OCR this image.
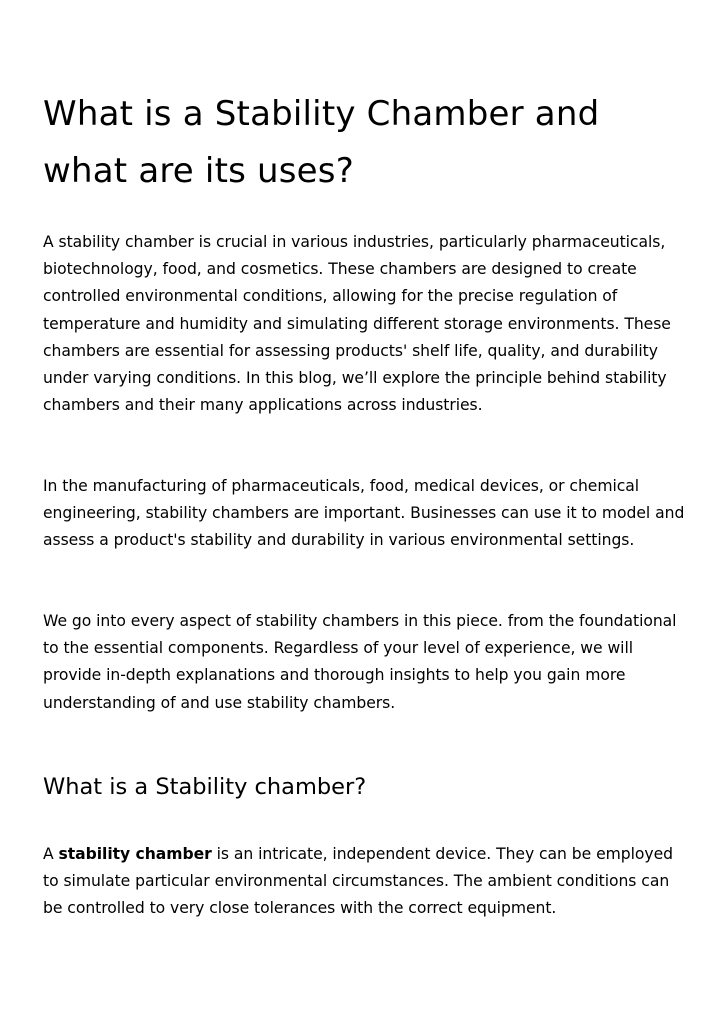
What is a Stability Chamber and what are its uses?

A stability chamber is crucial in various industries, particularly pharmaceuticals, biotechnology, food, and cosmetics. These chambers are designed to create controlled environmental conditions, allowing for the precise regulation of temperature and humidity and simulating different storage environments. These chambers are essential for assessing products' shelf life, quality, and durability under varying conditions. In this blog, we’ll explore the principle behind stability chambers and their many applications across industries.

In the manufacturing of pharmaceuticals, food, medical devices, or chemical engineering, stability chambers are important. Businesses can use it to model and assess a product's stability and durability in various environmental settings.

We go into every aspect of stability chambers in this piece. from the foundational to the essential components. Regardless of your level of experience, we will provide in-depth explanations and thorough insights to help you gain more understanding of and use stability chambers.

What is a Stability chamber?

A stability chamber is an intricate, independent device. They can be employed to simulate particular environmental circumstances. The ambient conditions can be controlled to very close tolerances with the correct equipment.
